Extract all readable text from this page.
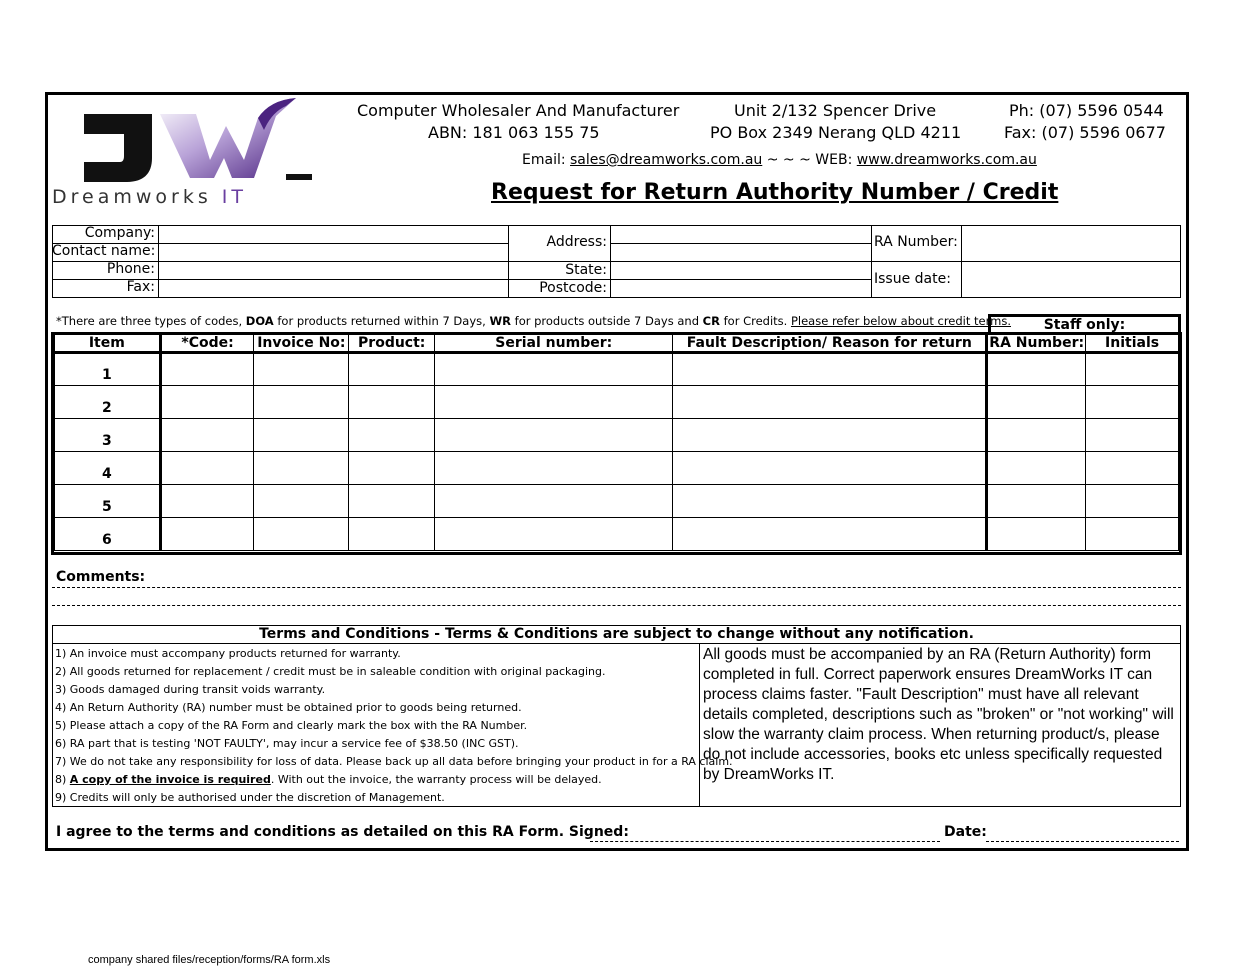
Dreamworks IT
Computer Wholesaler And Manufacturer
ABN: 181 063 155 75
Unit 2/132 Spencer Drive
PO Box 2349 Nerang QLD 4211
Ph: (07) 5596 0544
Fax: (07) 5596 0677
Email: sales@dreamworks.com.au ~ ~ ~ WEB: www.dreamworks.com.au
Request for Return Authority Number / Credit
Company:
Contact name:
Phone:
Fax:
Address:
State:
Postcode:
RA Number:
Issue date:
*There are three types of codes, DOA for products returned within 7 Days, WR for products outside 7 Days and CR for Credits. Please refer below about credit terms.	Staff only:
Item	*Code:	Invoice No:	Product:	Serial number:	Fault Description/ Reason for return	RA Number:	Initials
1							
2							
3							
4							
5							
6							
Comments:
Terms and Conditions - Terms & Conditions are subject to change without any notification.
1) An invoice must accompany products returned for warranty.
2) All goods returned for replacement / credit must be in saleable condition with original packaging.
3) Goods damaged during transit voids warranty.
4) An Return Authority (RA) number must be obtained prior to goods being returned.
5) Please attach a copy of the RA Form and clearly mark the box with the RA Number.
6) RA part that is testing 'NOT FAULTY', may incur a service fee of $38.50 (INC GST).
7) We do not take any responsibility for loss of data. Please back up all data before bringing your product in for a RA claim.
8) A copy of the invoice is required. With out the invoice, the warranty process will be delayed.
9) Credits will only be authorised under the discretion of Management.
All goods must be accompanied by an RA (Return Authority) form completed in full. Correct paperwork ensures DreamWorks IT can process claims faster. "Fault Description" must have all relevant details completed, descriptions such as "broken" or "not working" will slow the warranty claim process. When returning product/s, please do not include accessories, books etc unless specifically requested by DreamWorks IT.
I agree to the terms and conditions as detailed on this RA Form. Signed:	Date:
company shared files/reception/forms/RA form.xls
